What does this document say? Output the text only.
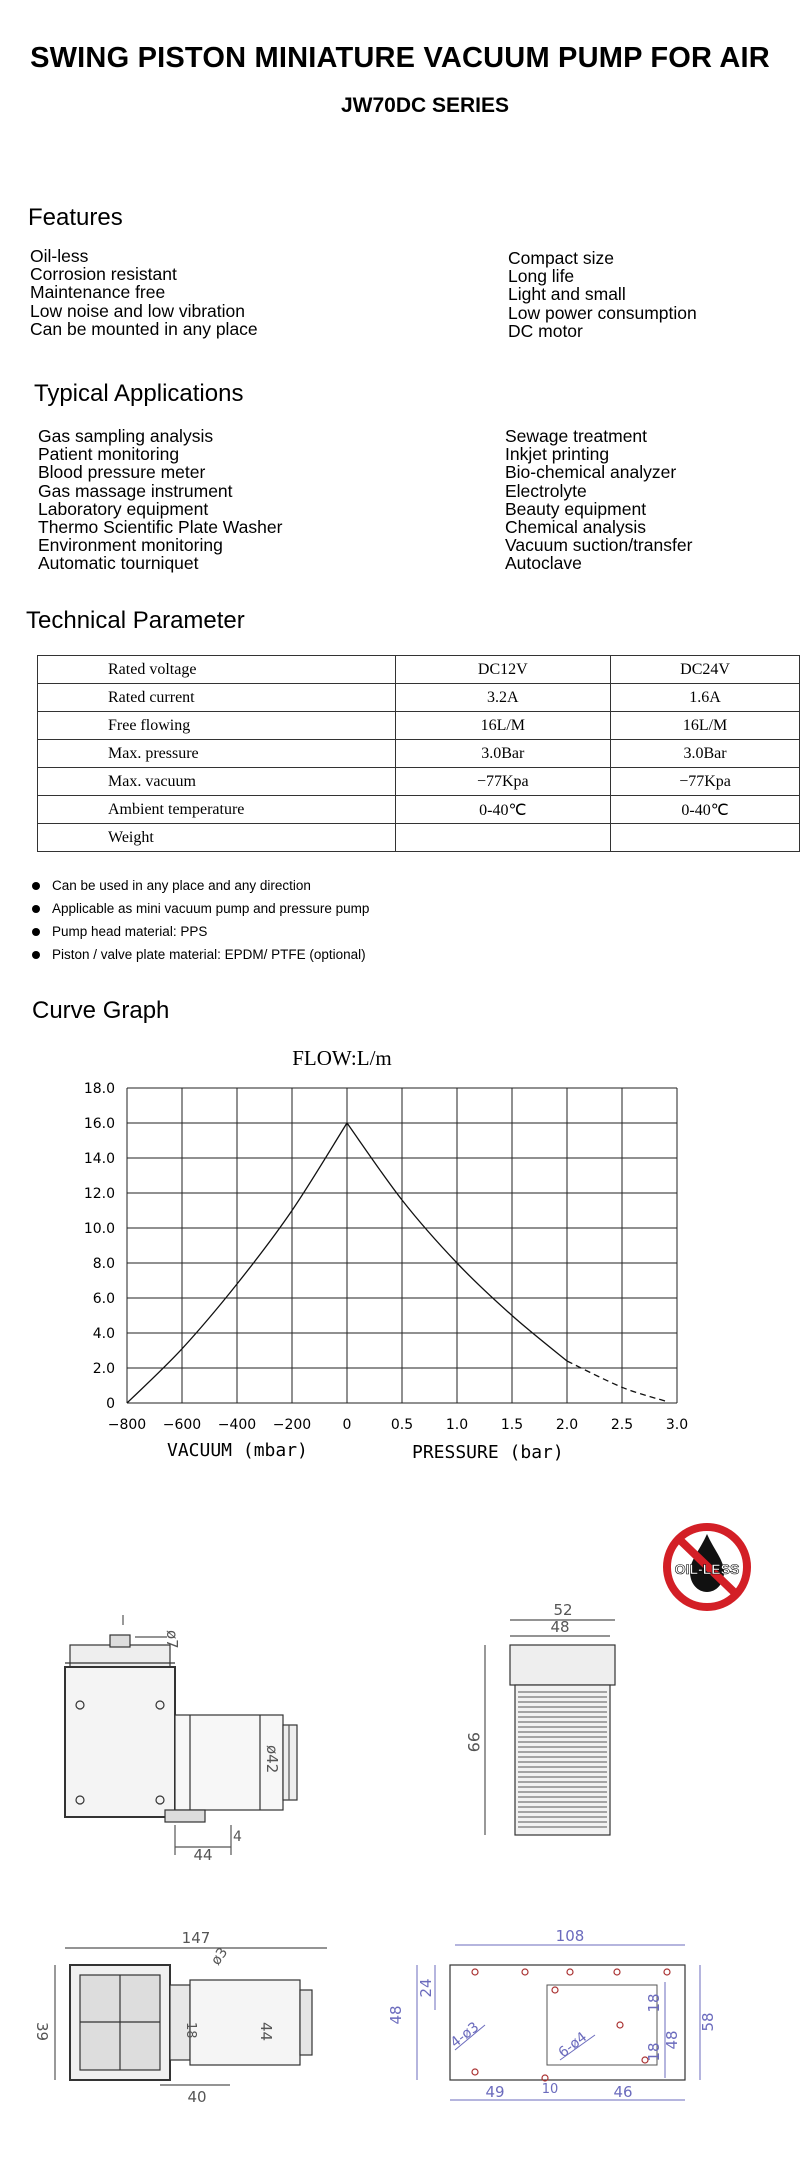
SWING PISTON MINIATURE VACUUM PUMP FOR AIR
JW70DC SERIES
Features
Oil-less
Corrosion resistant
Maintenance free
Low noise and low vibration
Can be mounted in any place
Compact size
Long life
Light and small
Low power consumption
DC motor
Typical Applications
Gas sampling analysis
Patient monitoring
Blood pressure meter
Gas massage instrument
Laboratory equipment
Thermo Scientific Plate Washer
Environment monitoring
Automatic tourniquet
Sewage treatment
Inkjet printing
Bio-chemical analyzer
Electrolyte
Beauty equipment
Chemical analysis
Vacuum suction/transfer
Autoclave
Technical Parameter
Rated voltage	DC12V	DC24V
Rated current	3.2A	1.6A
Free flowing	16L/M	16L/M
Max. pressure	3.0Bar	3.0Bar
Max. vacuum	−77Kpa	−77Kpa
Ambient temperature	0-40℃	0-40℃
Weight		
Can be used in any place and any direction
Applicable as mini vacuum pump and pressure pump
Pump head material: PPS
Piston / valve plate material: EPDM/ PTFE (optional)
Curve Graph
FLOW:L/m
18.0
16.0
14.0
12.0
10.0
8.0
6.0
4.0
2.0
0
−800 −600 −400 −200 0	0.5 1.0 1.5 2.0 2.5 3.0
VACUUM (mbar)	PRESSURE (bar)
OIL-LESS
ø7
ø42
4
44
52
48
99
147
ø3
39	18	44
40
108
48
24
18
18
48
58
4-ø3	6-ø4
49	10	46
